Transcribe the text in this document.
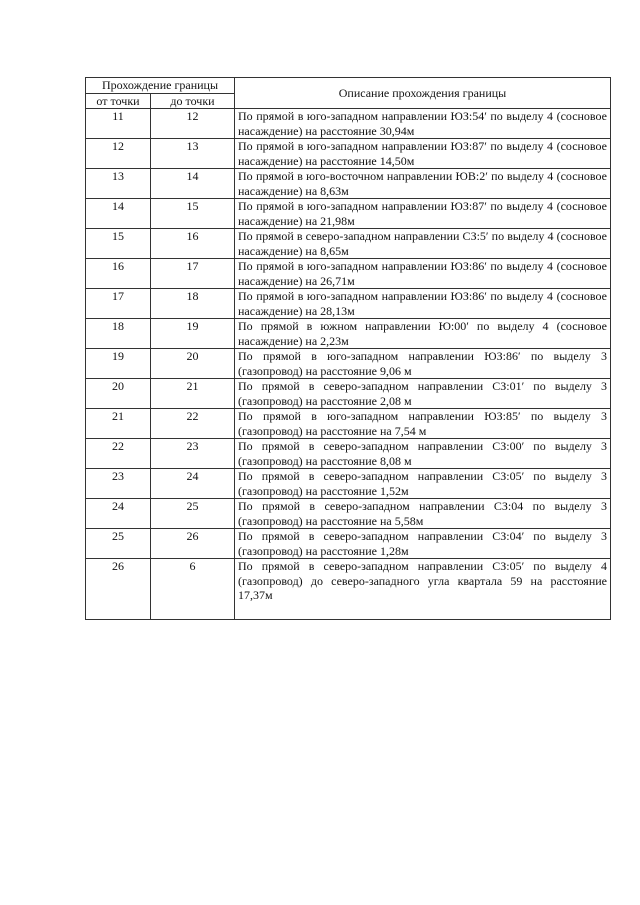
Прохождение границы		Описание прохождения границы
от точки	до точки	
11	12	По прямой в юго-западном направлении ЮЗ:54′ по выделу 4 (сосновое насаждение) на расстояние 30,94м
12	13	По прямой в юго-западном направлении ЮЗ:87′ по выделу 4 (сосновое насаждение) на расстояние 14,50м
13	14	По прямой в юго-восточном направлении ЮВ:2′ по выделу 4 (сосновое насаждение) на 8,63м
14	15	По прямой в юго-западном направлении ЮЗ:87′ по выделу 4 (сосновое насаждение) на 21,98м
15	16	По прямой в северо-западном направлении СЗ:5′ по выделу 4 (сосновое насаждение) на 8,65м
16	17	По прямой в юго-западном направлении ЮЗ:86′ по выделу 4 (сосновое насаждение) на 26,71м
17	18	По прямой в юго-западном направлении ЮЗ:86′ по выделу 4 (сосновое насаждение) на 28,13м
18	19	По прямой в южном направлении Ю:00′ по выделу 4 (сосновое насаждение) на 2,23м
19	20	По прямой в юго-западном направлении ЮЗ:86′ по выделу 3 (газопровод) на расстояние 9,06 м
20	21	По прямой в северо-западном направлении СЗ:01′ по выделу 3 (газопровод) на расстояние 2,08 м
21	22	По прямой в юго-западном направлении ЮЗ:85′ по выделу 3 (газопровод) на расстояние на 7,54 м
22	23	По прямой в северо-западном направлении СЗ:00′ по выделу 3 (газопровод) на расстояние 8,08 м
23	24	По прямой в северо-западном направлении СЗ:05′ по выделу 3 (газопровод) на расстояние 1,52м
24	25	По прямой в северо-западном направлении СЗ:04 по выделу 3 (газопровод) на расстояние на 5,58м
25	26	По прямой в северо-западном направлении СЗ:04′ по выделу 3 (газопровод) на расстояние 1,28м
26	6	По прямой в северо-западном направлении СЗ:05′ по выделу 4 (газопровод) до северо-западного угла квартала 59 на расстояние 17,37м
